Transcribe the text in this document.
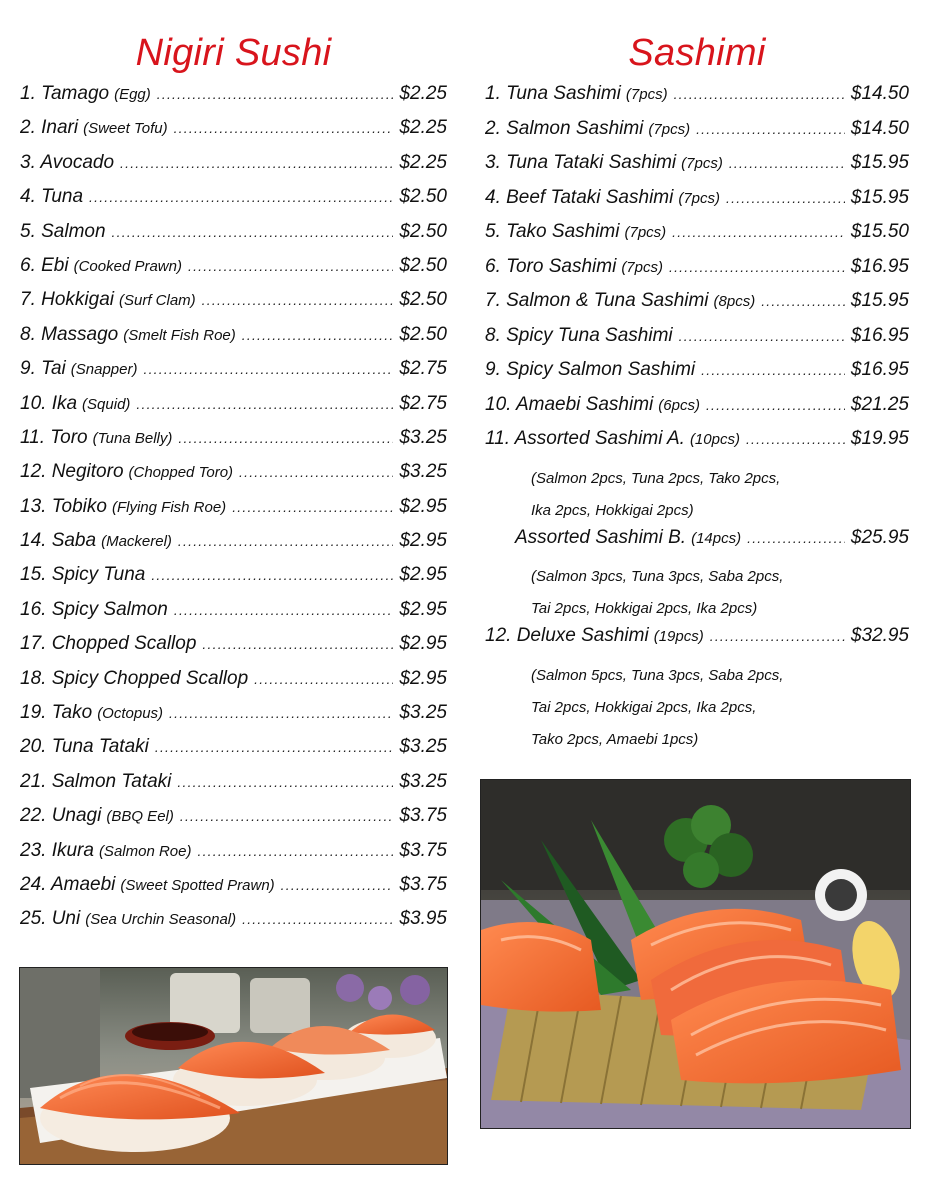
Nigiri Sushi
1. Tamago (Egg) .....	$2.25
2. Inari (Sweet Tofu) .....	$2.25
3. Avocado .....	$2.25
4. Tuna .....	$2.50
5. Salmon .....	$2.50
6. Ebi (Cooked Prawn) .....	$2.50
7. Hokkigai (Surf Clam) .....	$2.50
8. Massago (Smelt Fish Roe) .....	$2.50
9. Tai (Snapper) .....	$2.75
10. Ika (Squid) .....	$2.75
11. Toro (Tuna Belly) .....	$3.25
12. Negitoro (Chopped Toro) .....	$3.25
13. Tobiko (Flying Fish Roe) .....	$2.95
14. Saba (Mackerel) .....	$2.95
15. Spicy Tuna .....	$2.95
16. Spicy Salmon .....	$2.95
17. Chopped Scallop .....	$2.95
18. Spicy Chopped Scallop .....	$2.95
19. Tako (Octopus) .....	$3.25
20. Tuna Tataki .....	$3.25
21. Salmon Tataki .....	$3.25
22. Unagi (BBQ Eel) .....	$3.75
23. Ikura (Salmon Roe) .....	$3.75
24. Amaebi (Sweet Spotted Prawn) .....	$3.75
25. Uni (Sea Urchin Seasonal) .....	$3.95
Sashimi
1. Tuna Sashimi (7pcs) .....	$14.50
2. Salmon Sashimi (7pcs) .....	$14.50
3. Tuna Tataki Sashimi (7pcs) .....	$15.95
4. Beef Tataki Sashimi (7pcs) .....	$15.95
5. Tako Sashimi (7pcs) .....	$15.50
6. Toro Sashimi (7pcs) .....	$16.95
7. Salmon & Tuna Sashimi (8pcs) .....	$15.95
8. Spicy Tuna Sashimi .....	$16.95
9. Spicy Salmon Sashimi .....	$16.95
10. Amaebi Sashimi (6pcs) .....	$21.25
11. Assorted Sashimi A. (10pcs) .....	$19.95
(Salmon 2pcs, Tuna 2pcs, Tako 2pcs,
Ika 2pcs, Hokkigai 2pcs)
Assorted Sashimi B. (14pcs) .....	$25.95
(Salmon 3pcs, Tuna 3pcs, Saba 2pcs,
Tai 2pcs, Hokkigai 2pcs, Ika 2pcs)
12. Deluxe Sashimi (19pcs) .....	$32.95
(Salmon 5pcs, Tuna 3pcs, Saba 2pcs,
Tai 2pcs, Hokkigai 2pcs, Ika 2pcs,
Tako 2pcs, Amaebi 1pcs)
